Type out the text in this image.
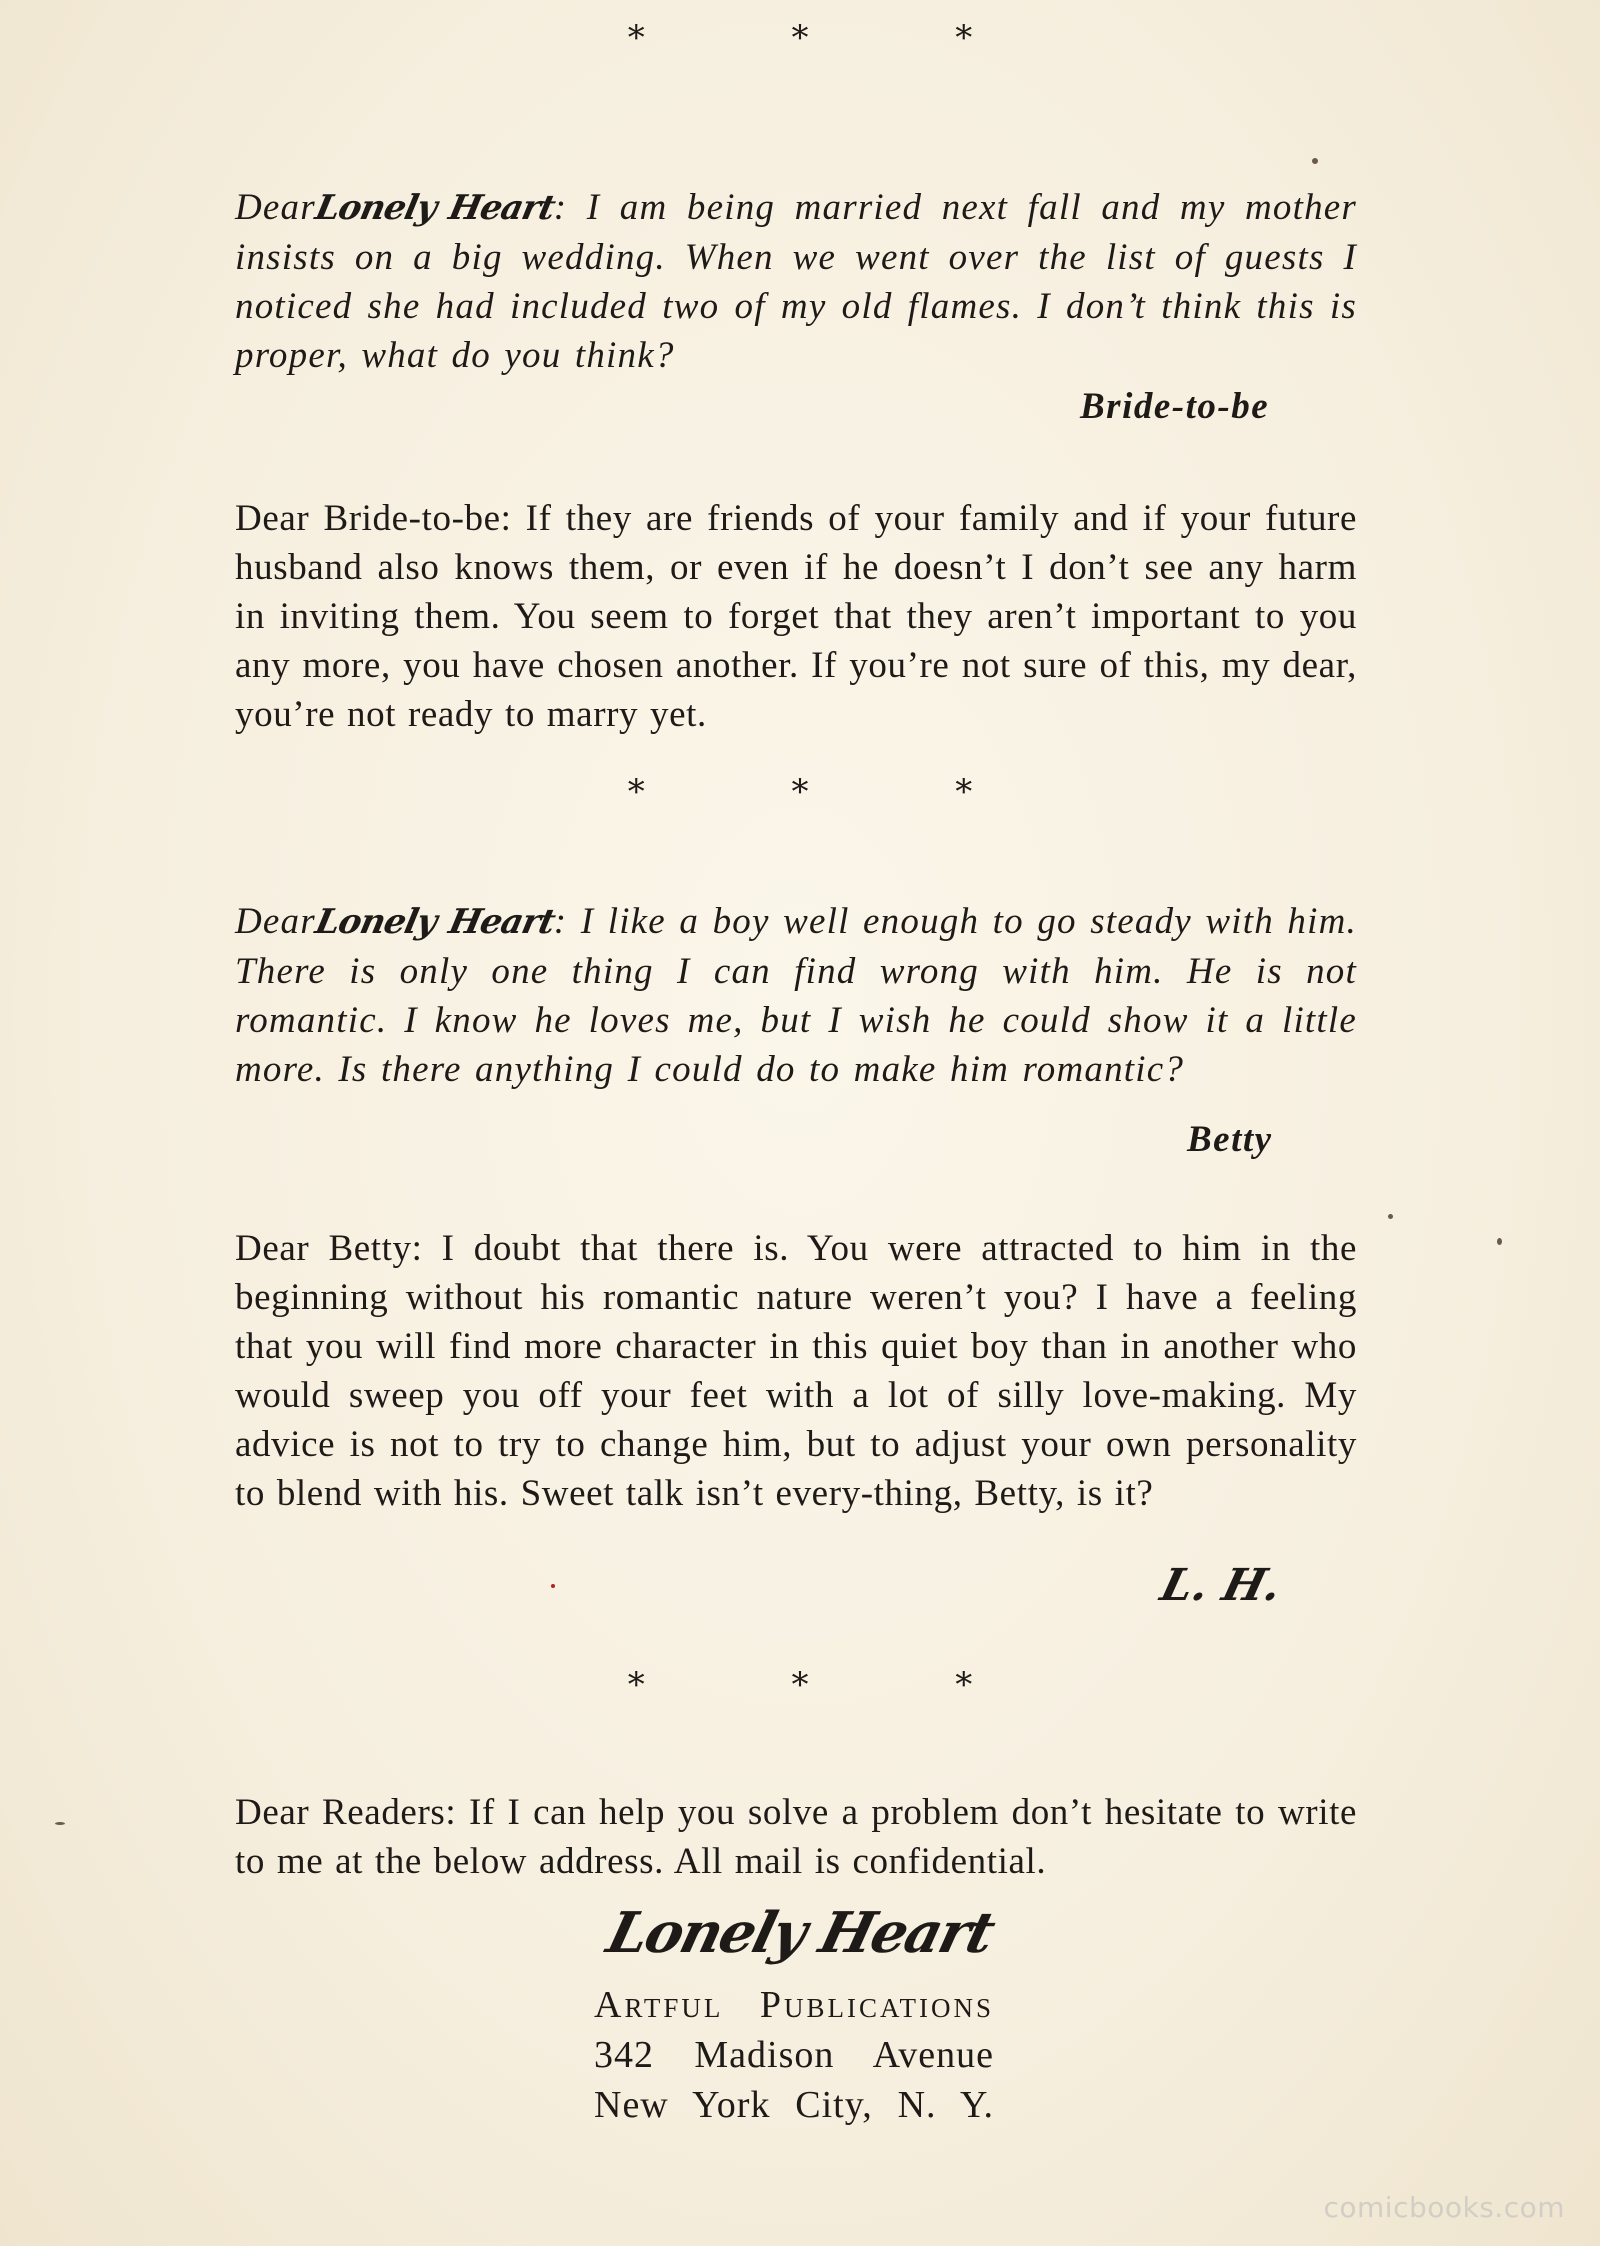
* * *
DearLonely Heart: I am being married next fall and my mother insists on a big wedding. When we went over the list of guests I noticed she had included two of my old flames. I don’t think this is proper, what do you think?
Bride-to-be
Dear Bride-to-be: If they are friends of your family and if your future husband also knows them, or even if he doesn’t I don’t see any harm in inviting them. You seem to forget that they aren’t important to you any more, you have chosen another. If you’re not sure of this, my dear, you’re not ready to marry yet.
* * *
DearLonely Heart: I like a boy well enough to go steady with him. There is only one thing I can find wrong with him. He is not romantic. I know he loves me, but I wish he could show it a little more. Is there anything I could do to make him romantic?
Betty
Dear Betty: I doubt that there is. You were attracted to him in the beginning without his romantic nature weren’t you? I have a feeling that you will find more character in this quiet boy than in another who would sweep you off your feet with a lot of silly love-making. My advice is not to try to change him, but to adjust your own personality to blend with his. Sweet talk isn’t every-thing, Betty, is it?
L. H.
* * *
Dear Readers: If I can help you solve a problem don’t hesitate to write to me at the below address. All mail is confidential.
Lonely Heart
Artful Publications
342 Madison Avenue
New York City, N. Y.
comicbooks.com
